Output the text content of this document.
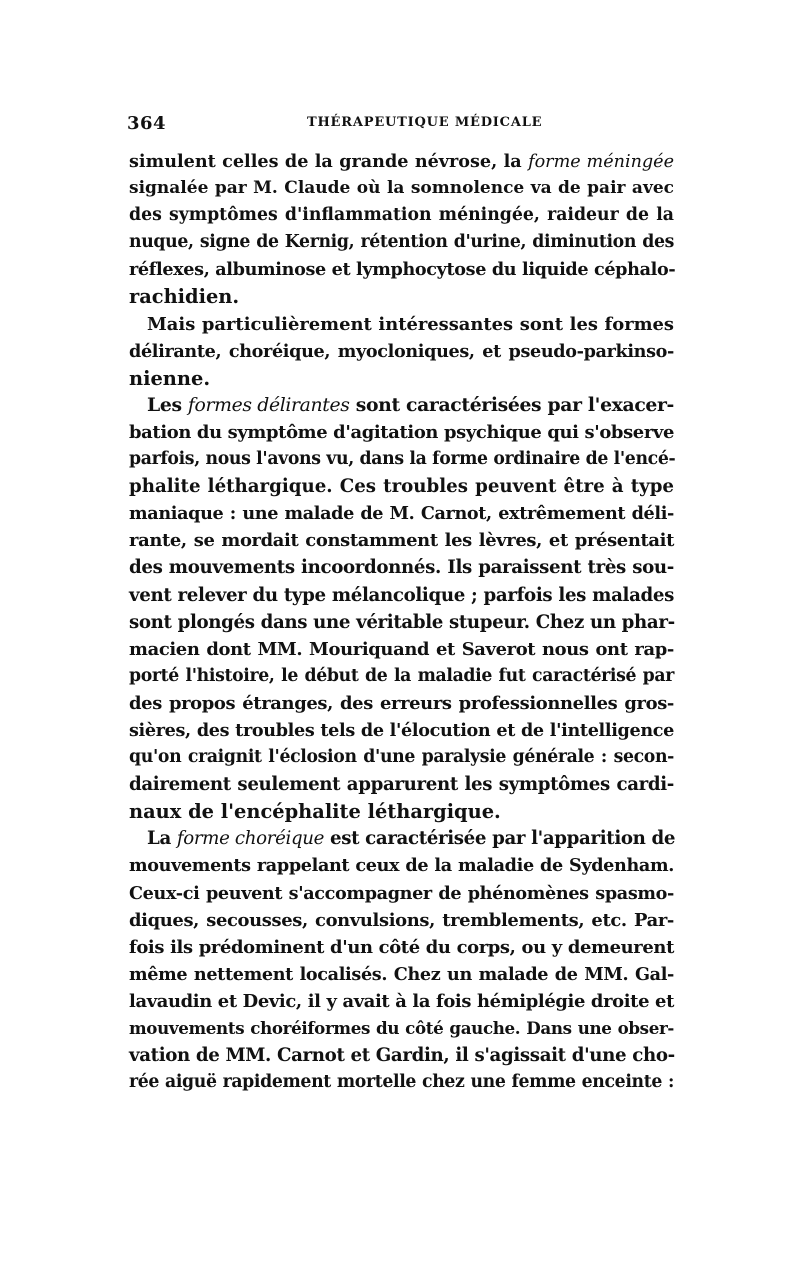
364	THÉRAPEUTIQUE MÉDICALE
simulent celles de la grande névrose, la forme méningée
signalée par M. Claude où la somnolence va de pair avec
des symptômes d'inflammation méningée, raideur de la
nuque, signe de Kernig, rétention d'urine, diminution des
réflexes, albuminose et lymphocytose du liquide céphalo-
rachidien.
Mais particulièrement intéressantes sont les formes
délirante, choréique, myocloniques, et pseudo-parkinso-
nienne.
Les formes délirantes sont caractérisées par l'exacer-
bation du symptôme d'agitation psychique qui s'observe
parfois, nous l'avons vu, dans la forme ordinaire de l'encé-
phalite léthargique. Ces troubles peuvent être à type
maniaque : une malade de M. Carnot, extrêmement déli-
rante, se mordait constamment les lèvres, et présentait
des mouvements incoordonnés. Ils paraissent très sou-
vent relever du type mélancolique ; parfois les malades
sont plongés dans une véritable stupeur. Chez un phar-
macien dont MM. Mouriquand et Saverot nous ont rap-
porté l'histoire, le début de la maladie fut caractérisé par
des propos étranges, des erreurs professionnelles gros-
sières, des troubles tels de l'élocution et de l'intelligence
qu'on craignit l'éclosion d'une paralysie générale : secon-
dairement seulement apparurent les symptômes cardi-
naux de l'encéphalite léthargique.
La forme choréique est caractérisée par l'apparition de
mouvements rappelant ceux de la maladie de Sydenham.
Ceux-ci peuvent s'accompagner de phénomènes spasmo-
diques, secousses, convulsions, tremblements, etc. Par-
fois ils prédominent d'un côté du corps, ou y demeurent
même nettement localisés. Chez un malade de MM. Gal-
lavaudin et Devic, il y avait à la fois hémiplégie droite et
mouvements choréiformes du côté gauche. Dans une obser-
vation de MM. Carnot et Gardin, il s'agissait d'une cho-
rée aiguë rapidement mortelle chez une femme enceinte :
